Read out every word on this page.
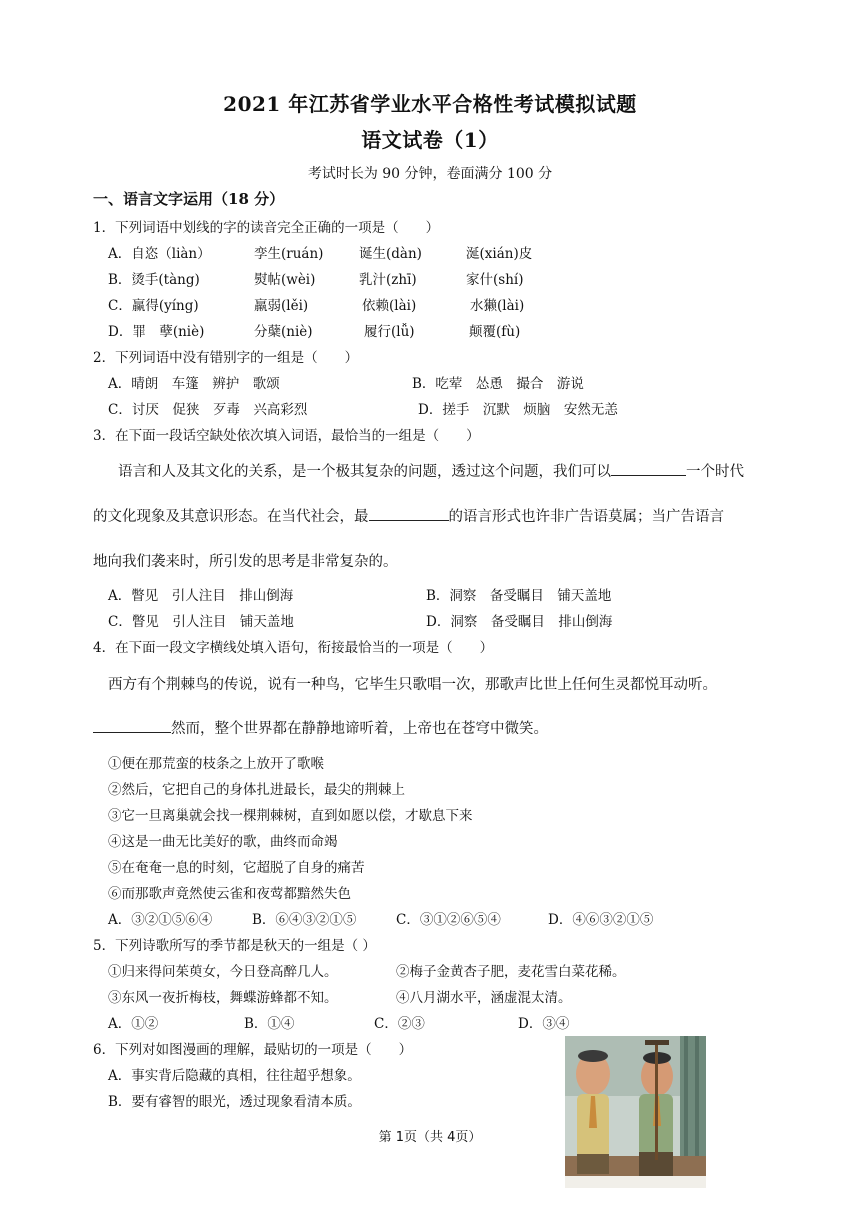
2021 年江苏省学业水平合格性考试模拟试题
语文试卷（1）
考试时长为 90 分钟，卷面满分 100 分
一、语言文字运用（18 分）
1．下列词语中划线的字的读音完全正确的一项是（　　）
A．自恣（liàn）	孪生(ruán)	诞生(dàn)	涎(xián)皮
B．烫手(tàng)	熨帖(wèi)	乳汁(zhī)	家什(shí)
C．赢得(yíng)	羸弱(lěi)	依赖(lài)	水獭(lài)
D．罪　孽(niè)	分蘖(niè)	履行(lǚ)	颠覆(fù)
2．下列词语中没有错别字的一组是（　　）
A．晴朗　车篷　辨护　歌颂	B．吃荤　怂恿　撮合　游说
C．讨厌　促狭　歹毒　兴高彩烈	D．搓手　沉默　烦脑　安然无恙
3．在下面一段话空缺处依次填入词语，最恰当的一组是（　　）
语言和人及其文化的关系，是一个极其复杂的问题，透过这个问题，我们可以	一个时代
的文化现象及其意识形态。在当代社会，最	的语言形式也许非广告语莫属；当广告语言
地向我们袭来时，所引发的思考是非常复杂的。
A．瞥见　引人注目　排山倒海	B．洞察　备受瞩目　铺天盖地
C．瞥见　引人注目　铺天盖地	D．洞察　备受瞩目　排山倒海
4．在下面一段文字横线处填入语句，衔接最恰当的一项是（　　）
西方有个荆棘鸟的传说，说有一种鸟，它毕生只歌唱一次，那歌声比世上任何生灵都悦耳动听。
然而，整个世界都在静静地谛听着，上帝也在苍穹中微笑。
①便在那荒蛮的枝条之上放开了歌喉
②然后，它把自己的身体扎进最长，最尖的荆棘上
③它一旦离巢就会找一棵荆棘树，直到如愿以偿，才歇息下来
④这是一曲无比美好的歌，曲终而命竭
⑤在奄奄一息的时刻，它超脱了自身的痛苦
⑥而那歌声竟然使云雀和夜莺都黯然失色
A．③②①⑤⑥④	B．⑥④③②①⑤	C．③①②⑥⑤④	D．④⑥③②①⑤
5．下列诗歌所写的季节都是秋天的一组是（ ）
①归来得问茱萸女，今日登高醉几人。	②梅子金黄杏子肥，麦花雪白菜花稀。
③东风一夜折梅枝，舞蝶游蜂都不知。	④八月湖水平，涵虚混太清。
A．①②	B．①④	C．②③	D．③④
6．下列对如图漫画的理解，最贴切的一项是（　　）
A．事实背后隐藏的真相，往往超乎想象。
B．要有睿智的眼光，透过现象看清本质。
第 1页（共 4页）
